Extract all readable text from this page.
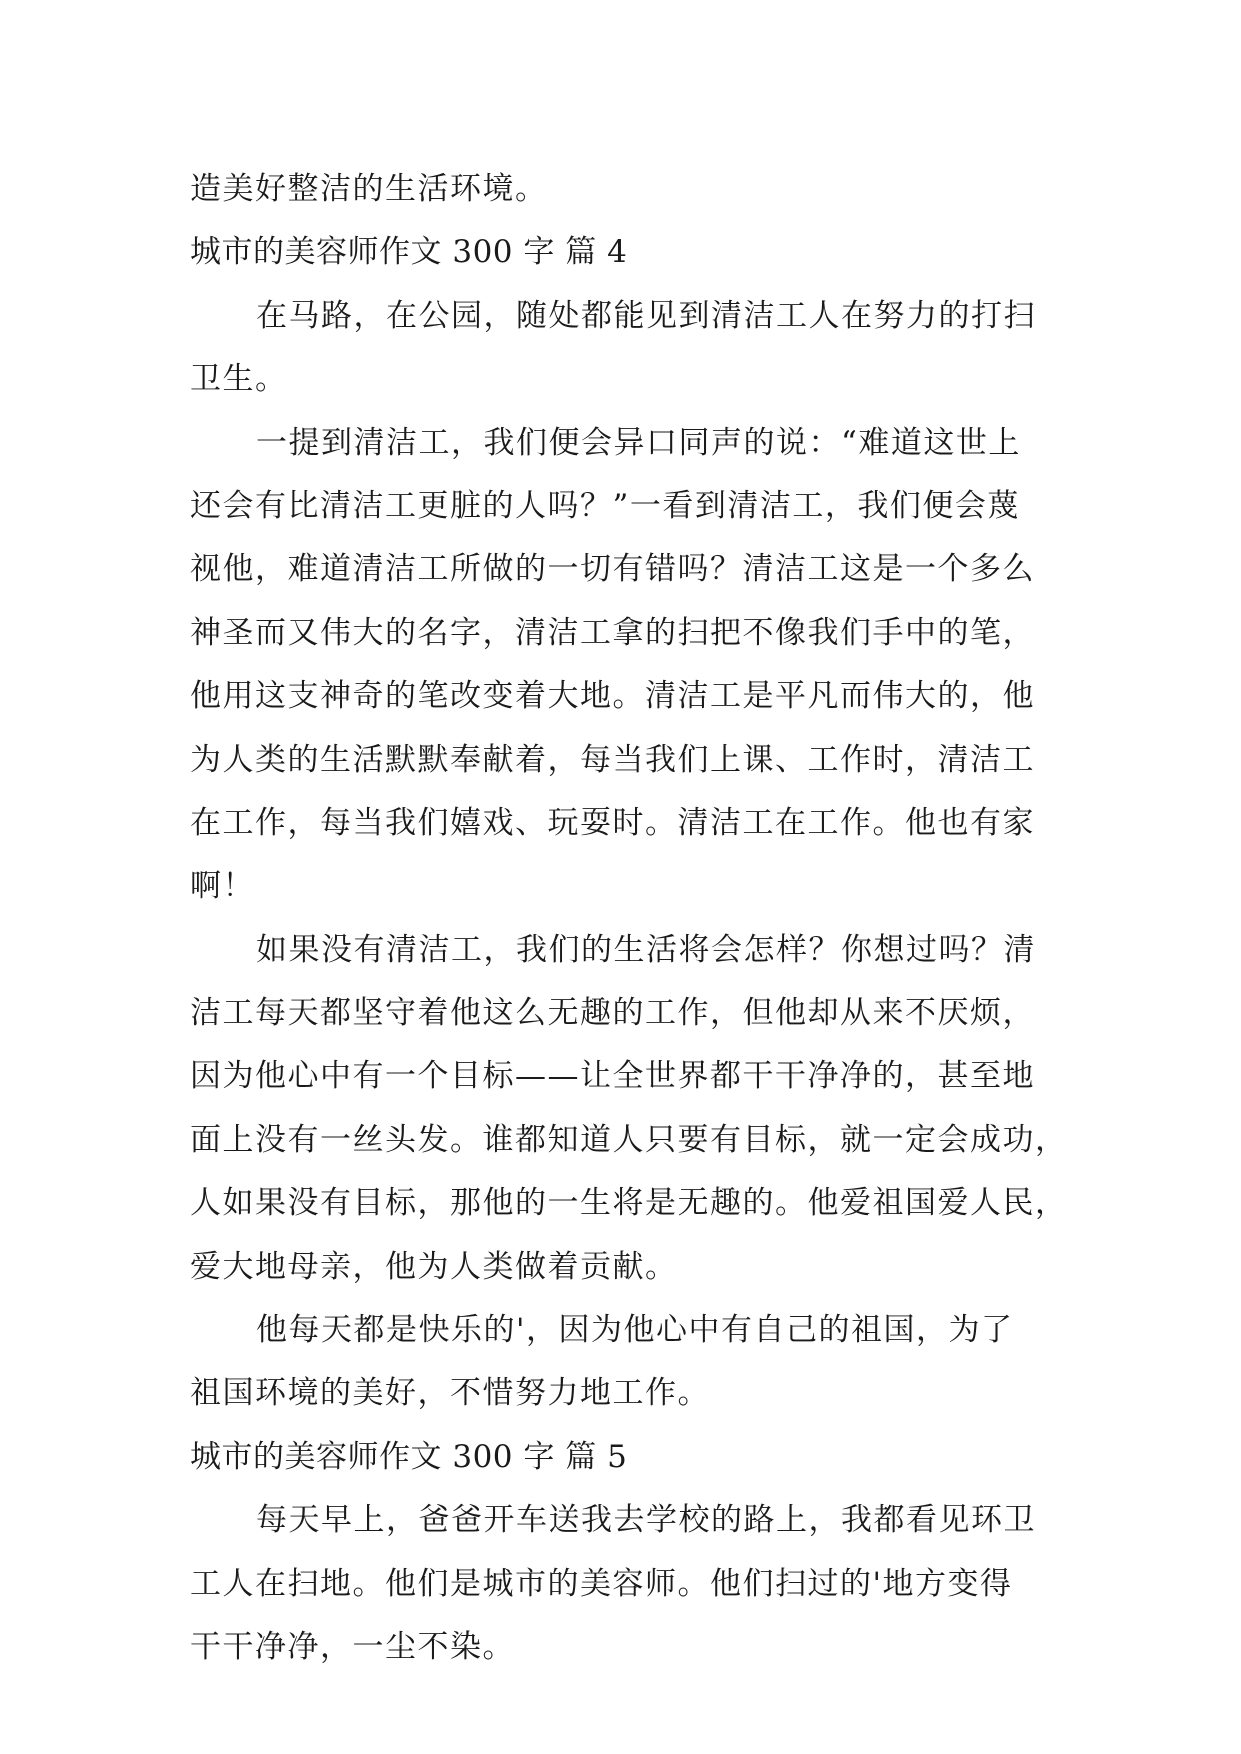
造美好整洁的生活环境。

城市的美容师作文 300 字 篇 4

在马路，在公园，随处都能见到清洁工人在努力的打扫

卫生。

一提到清洁工，我们便会异口同声的说：“难道这世上

还会有比清洁工更脏的人吗？”一看到清洁工，我们便会蔑

视他，难道清洁工所做的一切有错吗？清洁工这是一个多么

神圣而又伟大的名字，清洁工拿的扫把不像我们手中的笔，

他用这支神奇的笔改变着大地。清洁工是平凡而伟大的，他

为人类的生活默默奉献着，每当我们上课、工作时，清洁工

在工作，每当我们嬉戏、玩耍时。清洁工在工作。他也有家

啊！

如果没有清洁工，我们的生活将会怎样？你想过吗？清

洁工每天都坚守着他这么无趣的工作，但他却从来不厌烦，

因为他心中有一个目标——让全世界都干干净净的，甚至地

面上没有一丝头发。谁都知道人只要有目标，就一定会成功，

人如果没有目标，那他的一生将是无趣的。他爱祖国爱人民，

爱大地母亲，他为人类做着贡献。

他每天都是快乐的'，因为他心中有自己的祖国，为了

祖国环境的美好，不惜努力地工作。

城市的美容师作文 300 字 篇 5

每天早上，爸爸开车送我去学校的路上，我都看见环卫

工人在扫地。他们是城市的美容师。他们扫过的'地方变得

干干净净，一尘不染。
